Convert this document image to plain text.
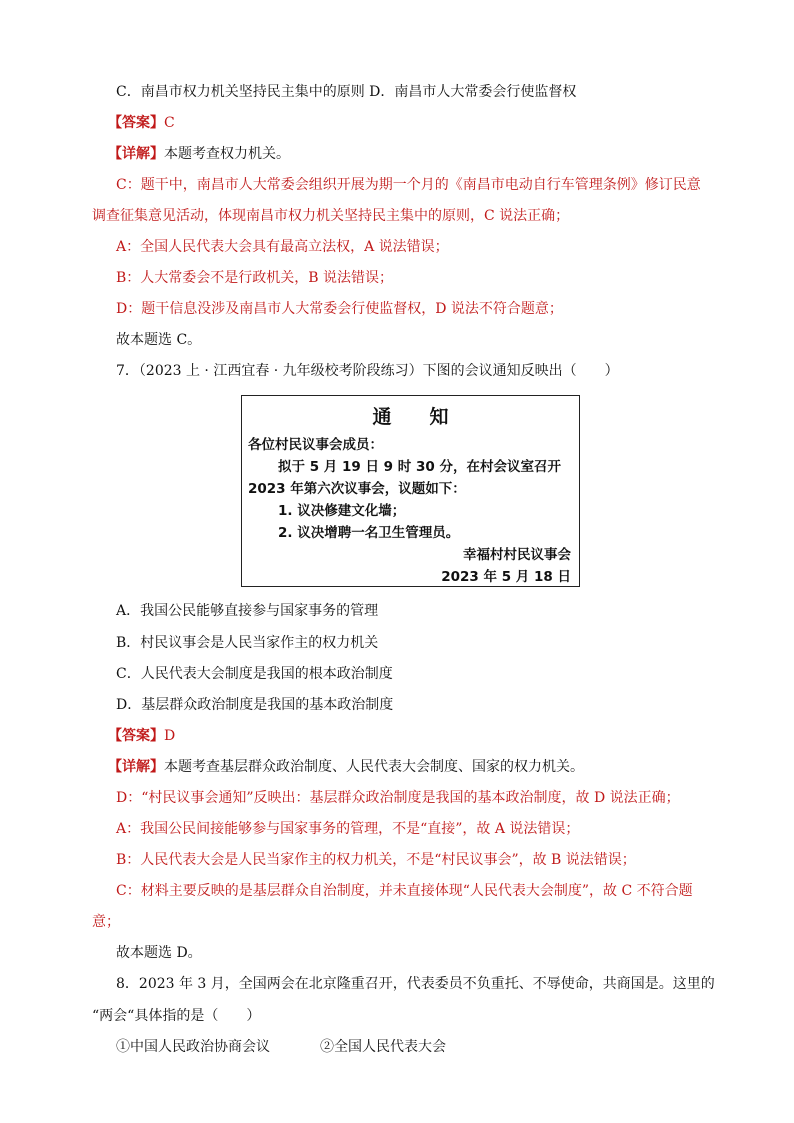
C．南昌市权力机关坚持民主集中的原则 D．南昌市人大常委会行使监督权
【答案】C
【详解】本题考查权力机关。
C：题干中，南昌市人大常委会组织开展为期一个月的《南昌市电动自行车管理条例》修订民意
调查征集意见活动，体现南昌市权力机关坚持民主集中的原则，C 说法正确；
A：全国人民代表大会具有最高立法权，A 说法错误；
B：人大常委会不是行政机关，B 说法错误；
D：题干信息没涉及南昌市人大常委会行使监督权，D 说法不符合题意；
故本题选 C。
7．（2023 上 · 江西宜春 · 九年级校考阶段练习）下图的会议通知反映出（　　）
通知
各位村民议事会成员：
拟于 5 月 19 日 9 时 30 分，在村会议室召开
2023 年第六次议事会，议题如下：
1. 议决修建文化墙；
2. 议决增聘一名卫生管理员。
幸福村村民议事会
2023 年 5 月 18 日
A．我国公民能够直接参与国家事务的管理
B．村民议事会是人民当家作主的权力机关
C．人民代表大会制度是我国的根本政治制度
D．基层群众政治制度是我国的基本政治制度
【答案】D
【详解】本题考查基层群众政治制度、人民代表大会制度、国家的权力机关。
D：“村民议事会通知”反映出：基层群众政治制度是我国的基本政治制度，故 D 说法正确；
A：我国公民间接能够参与国家事务的管理，不是“直接”，故 A 说法错误；
B：人民代表大会是人民当家作主的权力机关，不是“村民议事会”，故 B 说法错误；
C：材料主要反映的是基层群众自治制度，并未直接体现“人民代表大会制度”，故 C 不符合题
意；
故本题选 D。
8．2023 年 3 月，全国两会在北京隆重召开，代表委员不负重托、不辱使命，共商国是。这里的
“两会“具体指的是（　　）
①中国人民政治协商会议	②全国人民代表大会
